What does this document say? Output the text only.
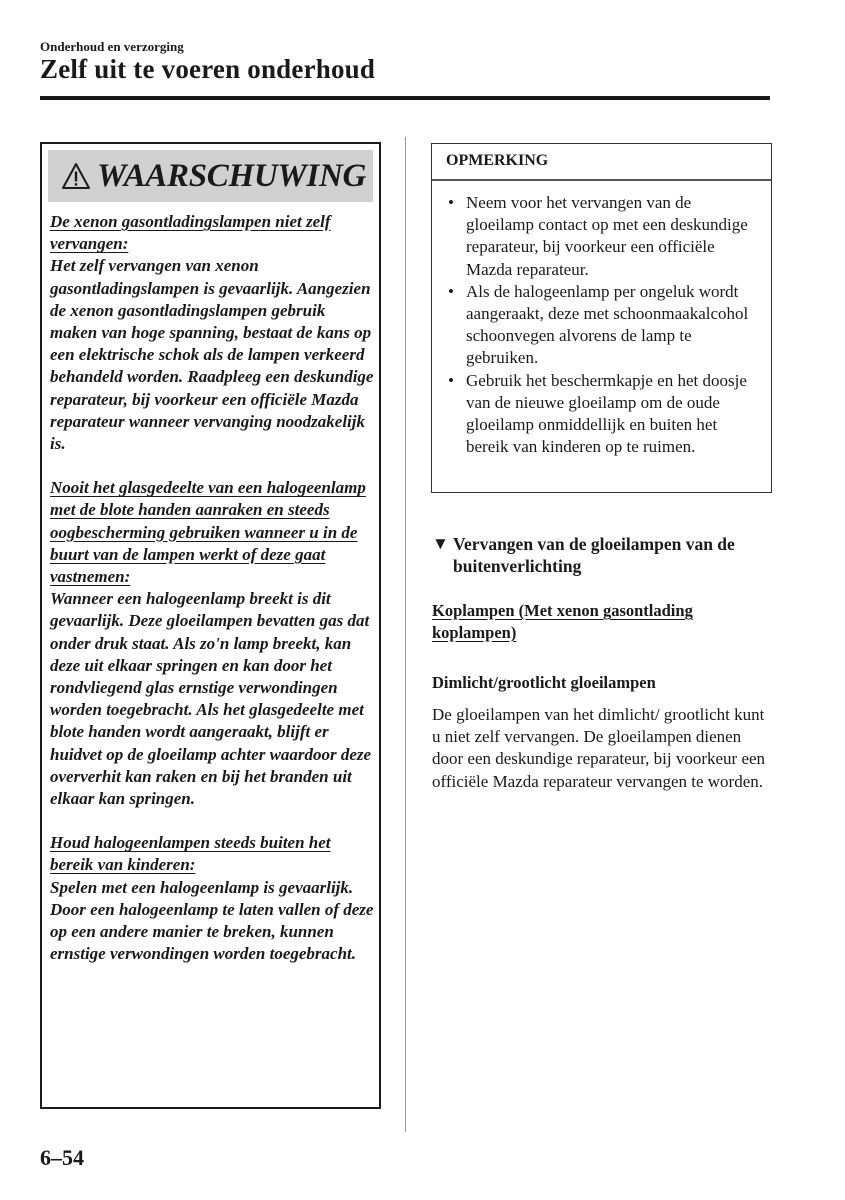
Onderhoud en verzorging
Zelf uit te voeren onderhoud
WAARSCHUWING

De xenon gasontladingslampen niet zelf vervangen:

Het zelf vervangen van xenon gasontladingslampen is gevaarlijk. Aangezien de xenon gasontladingslampen gebruik maken van hoge spanning, bestaat de kans op een elektrische schok als de lampen verkeerd behandeld worden. Raadpleeg een deskundige reparateur, bij voorkeur een officiële Mazda reparateur wanneer vervanging noodzakelijk is.

Nooit het glasgedeelte van een halogeenlamp met de blote handen aanraken en steeds oogbescherming gebruiken wanneer u in de buurt van de lampen werkt of deze gaat vastnemen:

Wanneer een halogeenlamp breekt is dit gevaarlijk. Deze gloeilampen bevatten gas dat onder druk staat. Als zo'n lamp breekt, kan deze uit elkaar springen en kan door het rondvliegend glas ernstige verwondingen worden toegebracht. Als het glasgedeelte met blote handen wordt aangeraakt, blijft er huidvet op de gloeilamp achter waardoor deze oververhit kan raken en bij het branden uit elkaar kan springen.

Houd halogeenlampen steeds buiten het bereik van kinderen:

Spelen met een halogeenlamp is gevaarlijk. Door een halogeenlamp te laten vallen of deze op een andere manier te breken, kunnen ernstige verwondingen worden toegebracht.

OPMERKING
• Neem voor het vervangen van de gloeilamp contact op met een deskundige reparateur, bij voorkeur een officiële Mazda reparateur.
• Als de halogeenlamp per ongeluk wordt aangeraakt, deze met schoonmaakalcohol schoonvegen alvorens de lamp te gebruiken.
• Gebruik het beschermkapje en het doosje van de nieuwe gloeilamp om de oude gloeilamp onmiddellijk en buiten het bereik van kinderen op te ruimen.
▼ Vervangen van de gloeilampen van de buitenverlichting
Koplampen (Met xenon gasontlading koplampen)
Dimlicht/grootlicht gloeilampen
De gloeilampen van het dimlicht/ grootlicht kunt u niet zelf vervangen. De gloeilampen dienen door een deskundige reparateur, bij voorkeur een officiële Mazda reparateur vervangen te worden.
6–54
